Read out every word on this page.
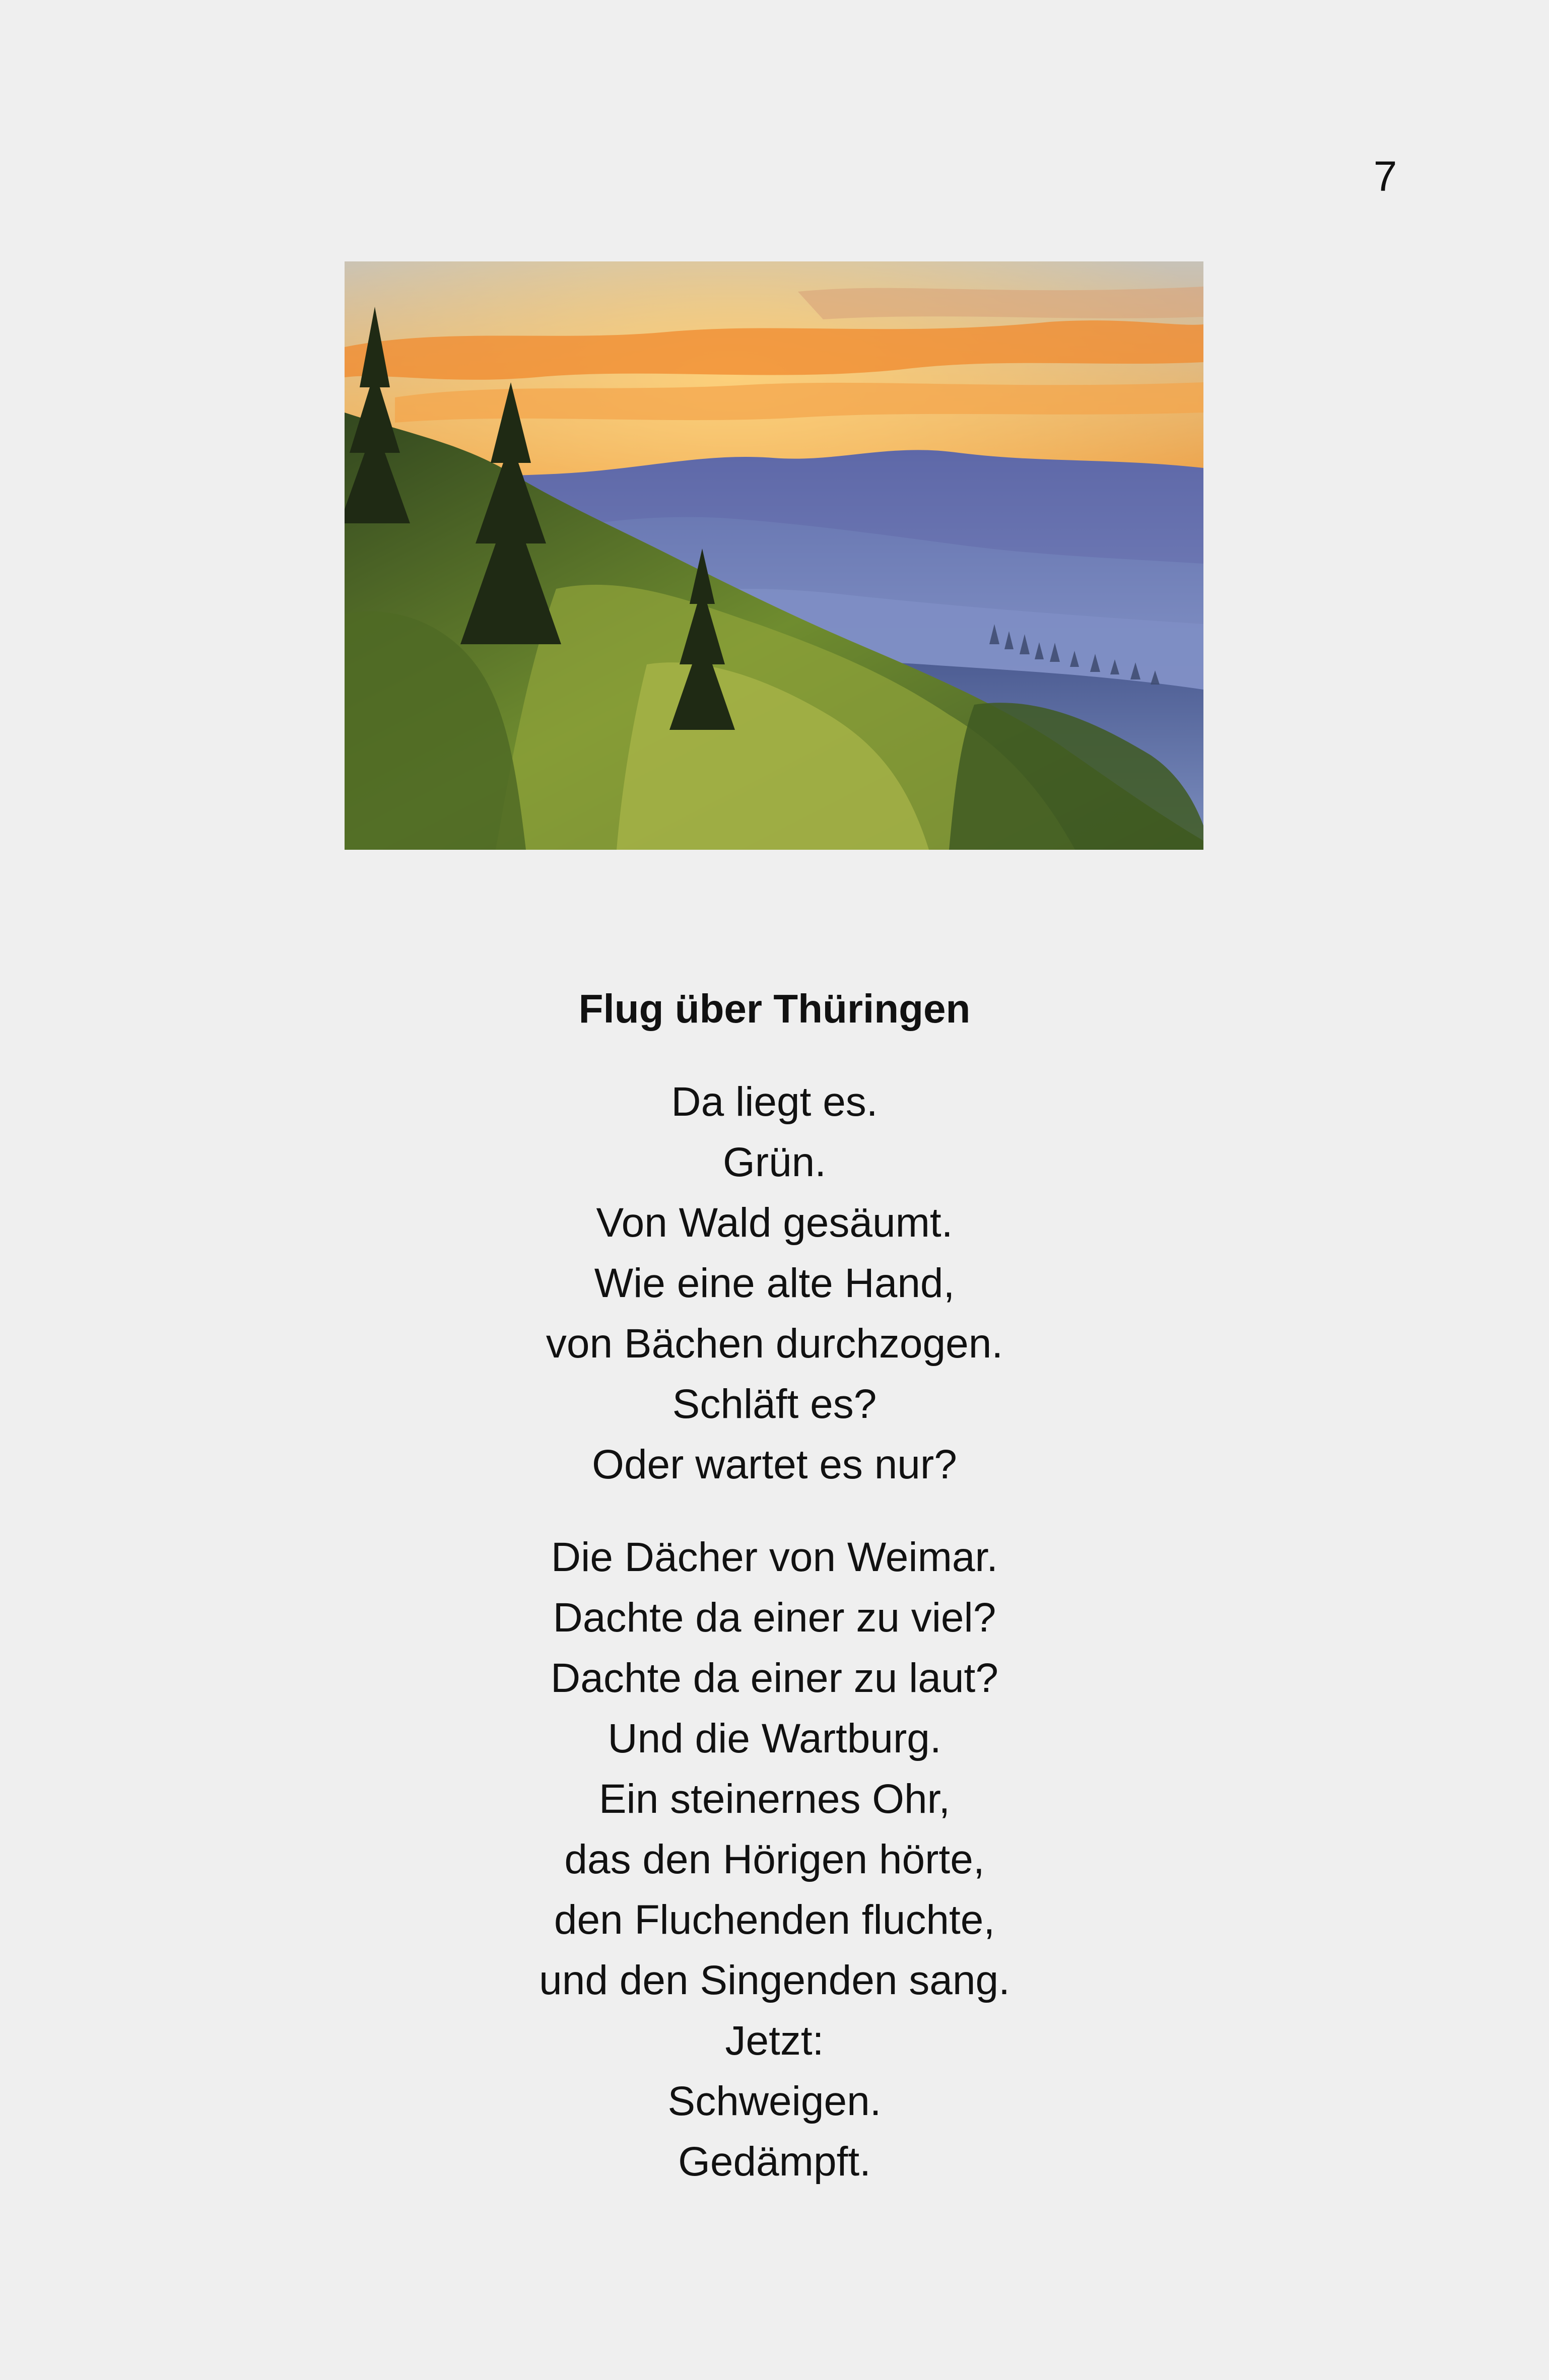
7
Flug über Thüringen
Da liegt es.
Grün.
Von Wald gesäumt.
Wie eine alte Hand,
von Bächen durchzogen.
Schläft es?
Oder wartet es nur?
Die Dächer von Weimar.
Dachte da einer zu viel?
Dachte da einer zu laut?
Und die Wartburg.
Ein steinernes Ohr,
das den Hörigen hörte,
den Fluchenden fluchte,
und den Singenden sang.
Jetzt:
Schweigen.
Gedämpft.
